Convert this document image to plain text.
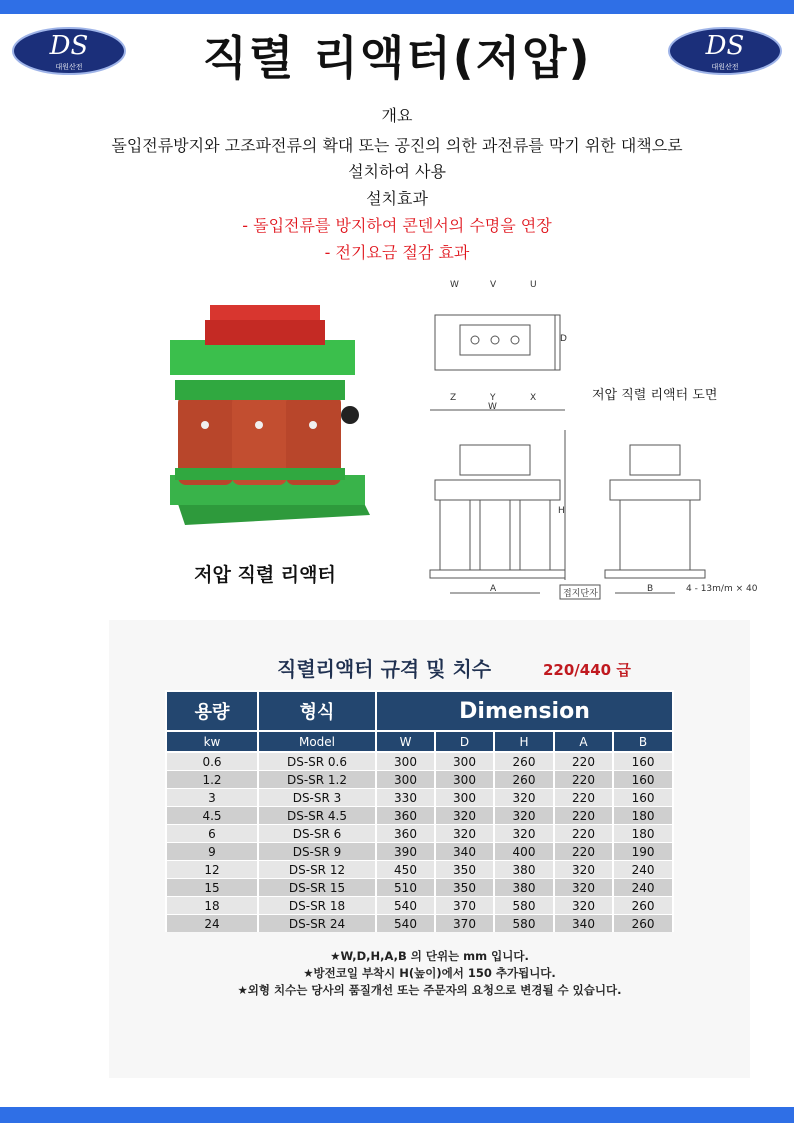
DS
대원산전	직렬 리액터(저압)	DS
대원산전
개요
돌입전류방지와 고조파전류의 확대 또는 공진의 의한 과전류를 막기 위한 대책으로
설치하여 사용
설치효과
- 돌입전류를 방지하여 콘덴서의 수명을 연장
- 전기요금 절감 효과
저압 직렬 리액터
W	V	U
Z	Y	X
W
D
H
A	접지단자	B	4 - 13m/m × 40
저압 직렬 리액터 도면
직렬리액터 규격 및 치수	220/440 급
용량	형식	Dimension				
kw	Model	W	D	H	A	B
0.6	DS-SR 0.6	300	300	260	220	160
1.2	DS-SR 1.2	300	300	260	220	160
3	DS-SR 3	330	300	320	220	160
4.5	DS-SR 4.5	360	320	320	220	180
6	DS-SR 6	360	320	320	220	180
9	DS-SR 9	390	340	400	220	190
12	DS-SR 12	450	350	380	320	240
15	DS-SR 15	510	350	380	320	240
18	DS-SR 18	540	370	580	320	260
24	DS-SR 24	540	370	580	340	260
★W,D,H,A,B 의 단위는 mm 입니다.
★방전코일 부착시 H(높이)에서 150 추가됩니다.
★외형 치수는 당사의 품질개선 또는 주문자의 요청으로 변경될 수 있습니다.
